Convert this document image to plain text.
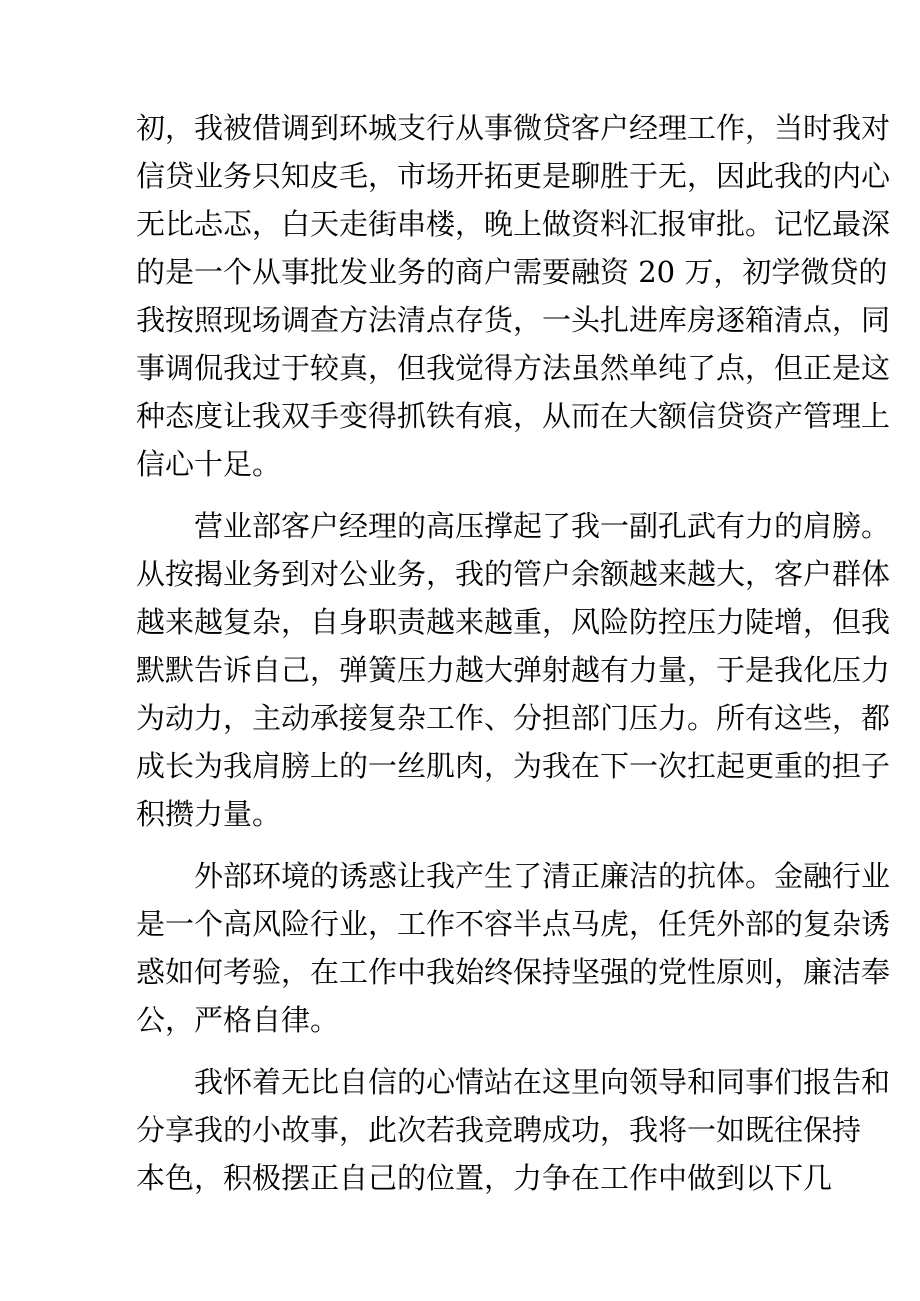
初，我被借调到环城支行从事微贷客户经理工作，当时我对
信贷业务只知皮毛，市场开拓更是聊胜于无，因此我的内心
无比忐忑，白天走街串楼，晚上做资料汇报审批。记忆最深
的是一个从事批发业务的商户需要融资 20 万，初学微贷的
我按照现场调查方法清点存货，一头扎进库房逐箱清点，同
事调侃我过于较真，但我觉得方法虽然单纯了点，但正是这
种态度让我双手变得抓铁有痕，从而在大额信贷资产管理上
信心十足。
营业部客户经理的高压撑起了我一副孔武有力的肩膀。
从按揭业务到对公业务，我的管户余额越来越大，客户群体
越来越复杂，自身职责越来越重，风险防控压力陡增，但我
默默告诉自己，弹簧压力越大弹射越有力量，于是我化压力
为动力，主动承接复杂工作、分担部门压力。所有这些，都
成长为我肩膀上的一丝肌肉，为我在下一次扛起更重的担子
积攒力量。
外部环境的诱惑让我产生了清正廉洁的抗体。金融行业
是一个高风险行业，工作不容半点马虎，任凭外部的复杂诱
惑如何考验，在工作中我始终保持坚强的党性原则，廉洁奉
公，严格自律。
我怀着无比自信的心情站在这里向领导和同事们报告和
分享我的小故事，此次若我竞聘成功，我将一如既往保持
本色，积极摆正自己的位置，力争在工作中做到以下几
